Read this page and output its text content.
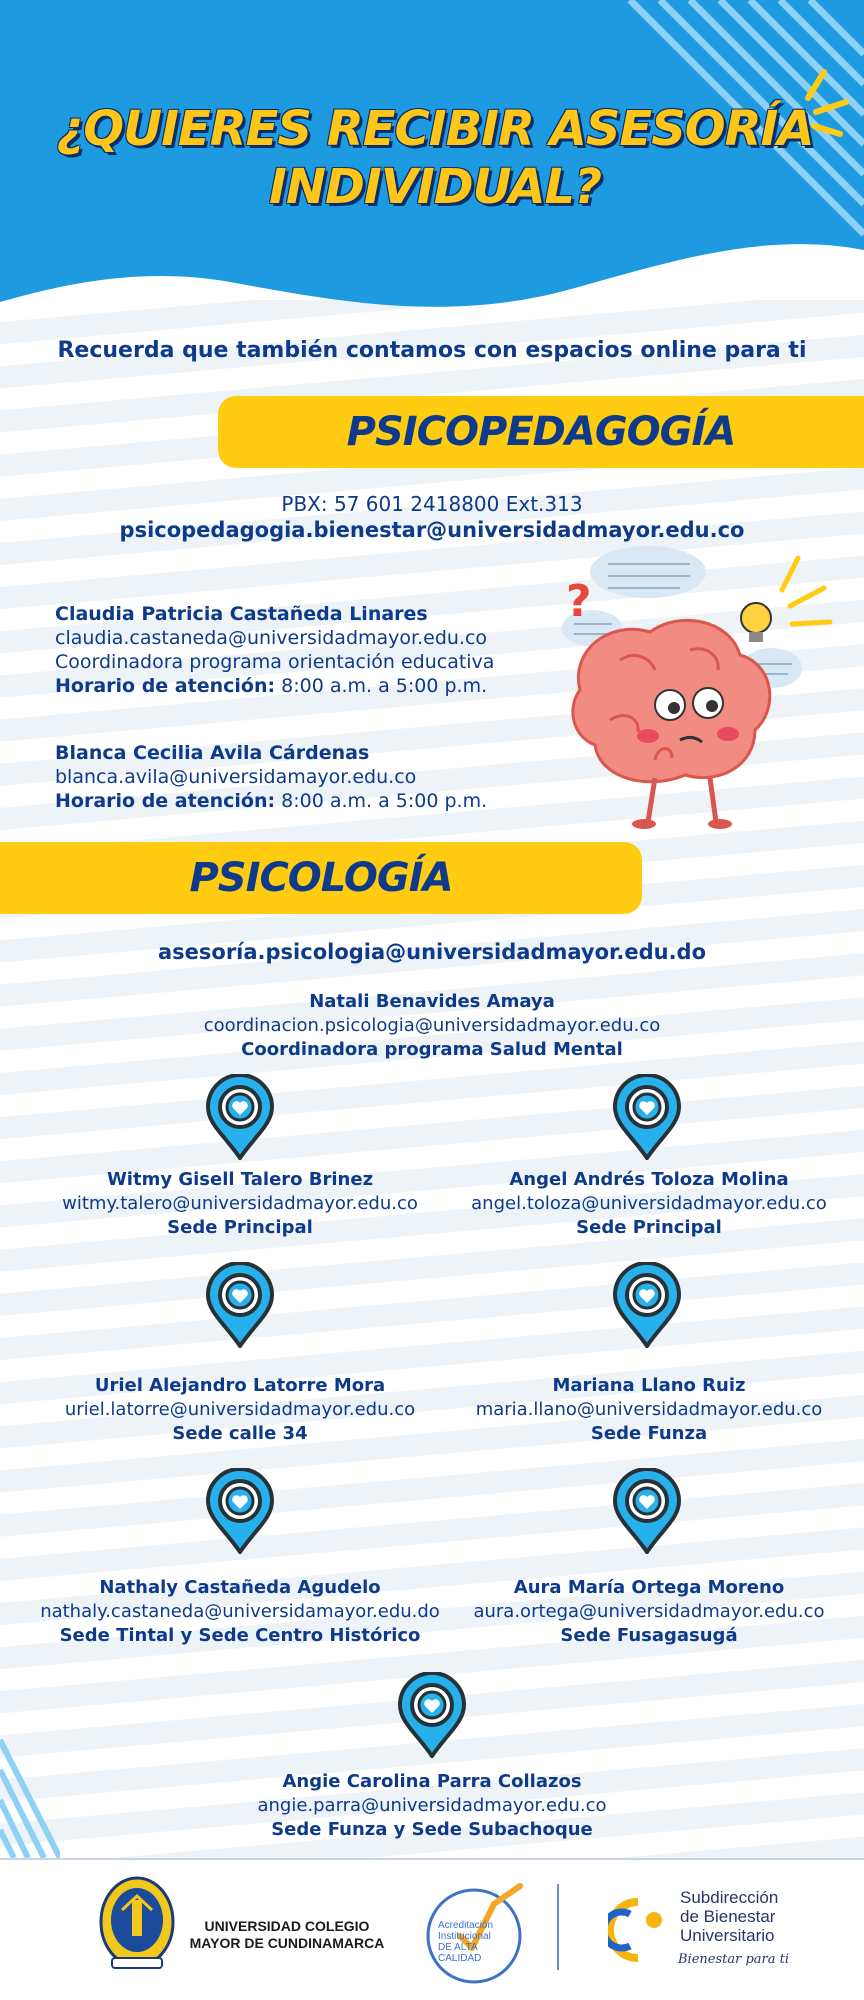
¿QUIERES RECIBIR ASESORÍA
INDIVIDUAL?
Recuerda que también contamos con espacios online para ti
PSICOPEDAGOGÍA
PBX: 57 601 2418800 Ext.313
psicopedagogia.bienestar@universidadmayor.edu.co
Claudia Patricia Castañeda Linares
claudia.castaneda@universidadmayor.edu.co
Coordinadora programa orientación educativa
Horario de atención: 8:00 a.m. a 5:00 p.m.
Blanca Cecilia Avila Cárdenas
blanca.avila@universidamayor.edu.co
Horario de atención: 8:00 a.m. a 5:00 p.m.
?
PSICOLOGÍA
asesoría.psicologia@universidadmayor.edu.do
Natali Benavides Amaya
coordinacion.psicologia@universidadmayor.edu.co
Coordinadora programa Salud Mental
Witmy Gisell Talero Brinez
witmy.talero@universidadmayor.edu.co
Sede Principal
Angel Andrés Toloza Molina
angel.toloza@universidadmayor.edu.co
Sede Principal
Uriel Alejandro Latorre Mora
uriel.latorre@universidadmayor.edu.co
Sede calle 34
Mariana Llano Ruiz
maria.llano@universidadmayor.edu.co
Sede Funza
Nathaly Castañeda Agudelo
nathaly.castaneda@universidamayor.edu.do
Sede Tintal y Sede Centro Histórico
Aura María Ortega Moreno
aura.ortega@universidadmayor.edu.co
Sede Fusagasugá
Angie Carolina Parra Collazos
angie.parra@universidadmayor.edu.co
Sede Funza y Sede Subachoque
UNIVERSIDAD COLEGIO
MAYOR DE CUNDINAMARCA
Acreditación
Institucional
DE ALTA CALIDAD
Subdirección
de Bienestar
Universitario
Bienestar para ti
